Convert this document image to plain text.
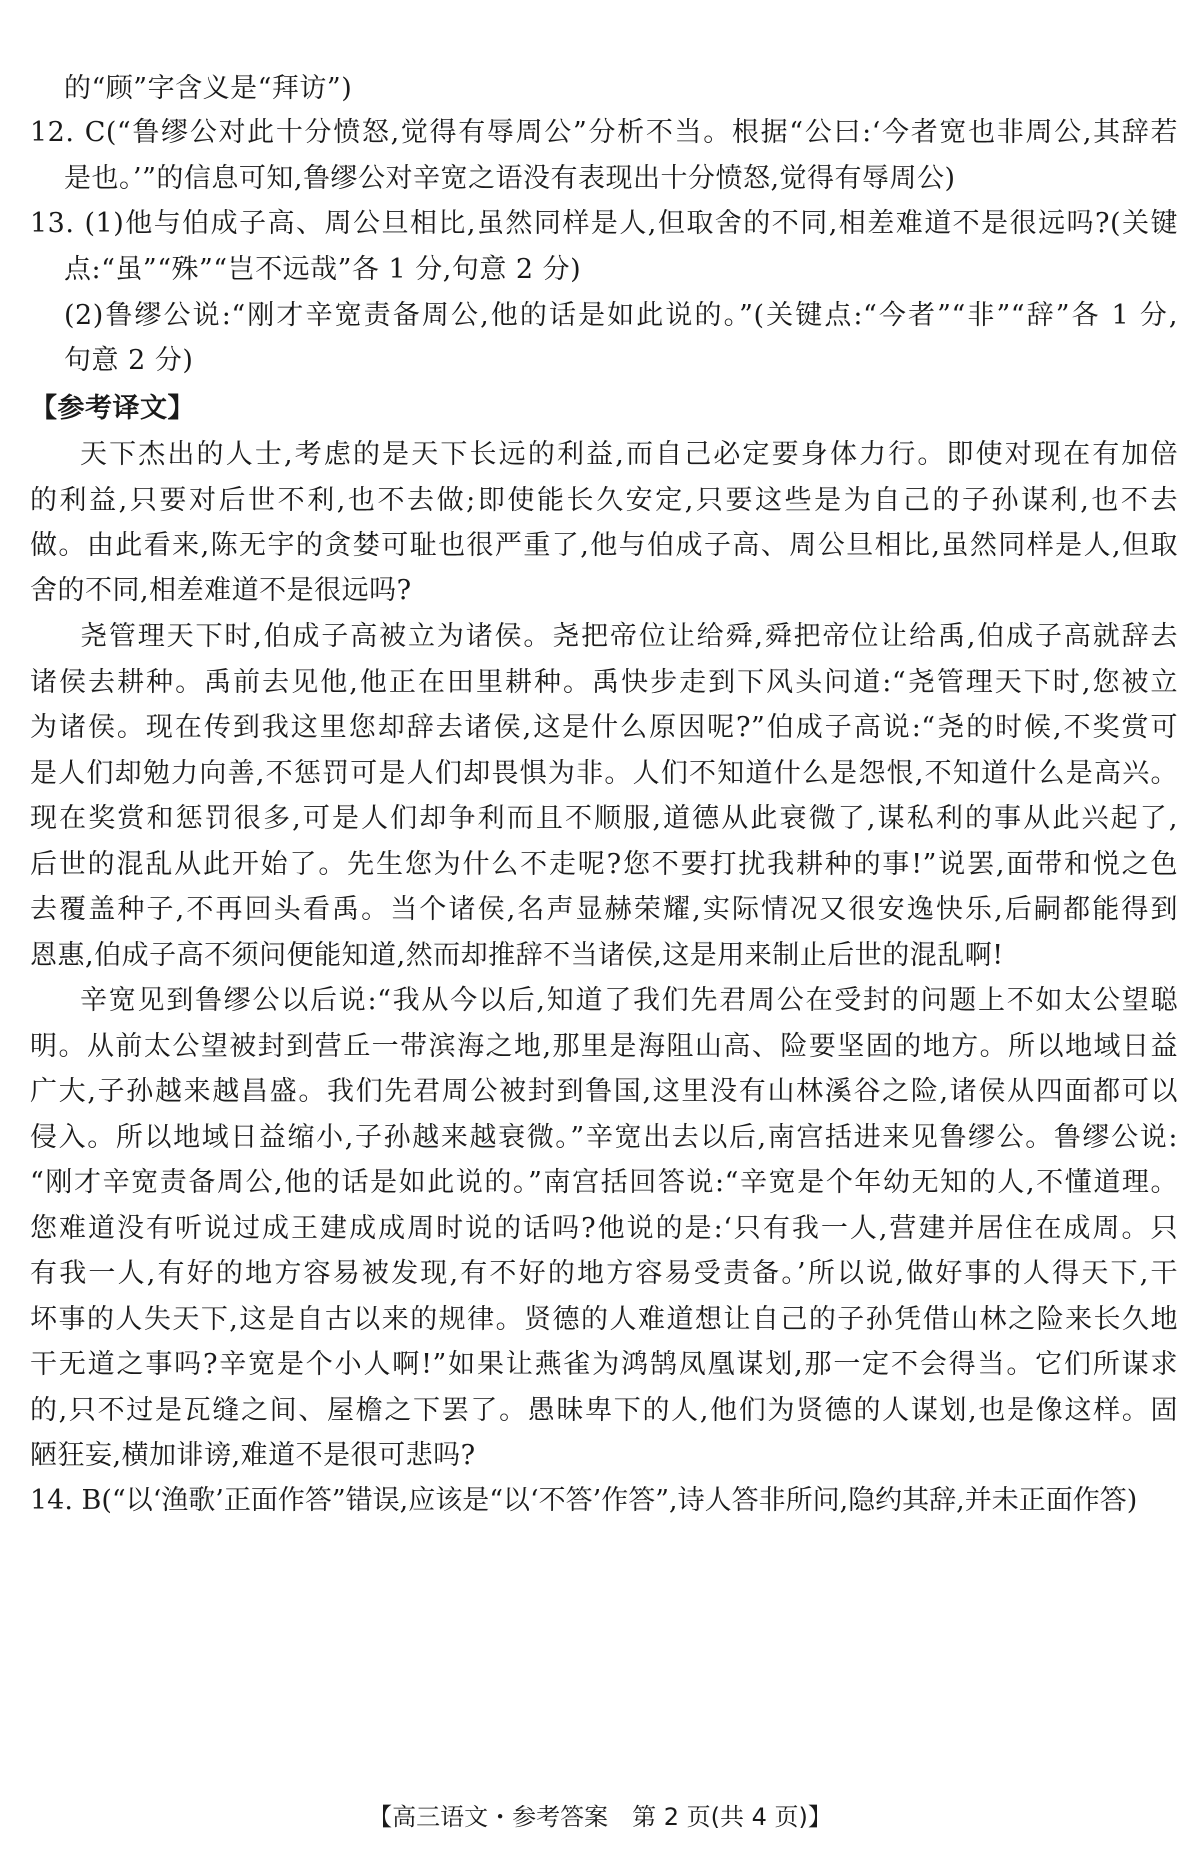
的“顾”字含义是“拜访”)
12. C(“鲁缪公对此十分愤怒,觉得有辱周公”分析不当。根据“公曰:‘今者宽也非周公,其辞若
是也。’”的信息可知,鲁缪公对辛宽之语没有表现出十分愤怒,觉得有辱周公)
13. (1)他与伯成子高、周公旦相比,虽然同样是人,但取舍的不同,相差难道不是很远吗?(关键
点:“虽”“殊”“岂不远哉”各 1 分,句意 2 分)
(2)鲁缪公说:“刚才辛宽责备周公,他的话是如此说的。”(关键点:“今者”“非”“辞”各 1 分,
句意 2 分)
【参考译文】
天下杰出的人士,考虑的是天下长远的利益,而自己必定要身体力行。即使对现在有加倍
的利益,只要对后世不利,也不去做;即使能长久安定,只要这些是为自己的子孙谋利,也不去
做。由此看来,陈无宇的贪婪可耻也很严重了,他与伯成子高、周公旦相比,虽然同样是人,但取
舍的不同,相差难道不是很远吗?
尧管理天下时,伯成子高被立为诸侯。尧把帝位让给舜,舜把帝位让给禹,伯成子高就辞去
诸侯去耕种。禹前去见他,他正在田里耕种。禹快步走到下风头问道:“尧管理天下时,您被立
为诸侯。现在传到我这里您却辞去诸侯,这是什么原因呢?”伯成子高说:“尧的时候,不奖赏可
是人们却勉力向善,不惩罚可是人们却畏惧为非。人们不知道什么是怨恨,不知道什么是高兴。
现在奖赏和惩罚很多,可是人们却争利而且不顺服,道德从此衰微了,谋私利的事从此兴起了,
后世的混乱从此开始了。先生您为什么不走呢?您不要打扰我耕种的事!”说罢,面带和悦之色
去覆盖种子,不再回头看禹。当个诸侯,名声显赫荣耀,实际情况又很安逸快乐,后嗣都能得到
恩惠,伯成子高不须问便能知道,然而却推辞不当诸侯,这是用来制止后世的混乱啊!
辛宽见到鲁缪公以后说:“我从今以后,知道了我们先君周公在受封的问题上不如太公望聪
明。从前太公望被封到营丘一带滨海之地,那里是海阻山高、险要坚固的地方。所以地域日益
广大,子孙越来越昌盛。我们先君周公被封到鲁国,这里没有山林溪谷之险,诸侯从四面都可以
侵入。所以地域日益缩小,子孙越来越衰微。”辛宽出去以后,南宫括进来见鲁缪公。鲁缪公说:
“刚才辛宽责备周公,他的话是如此说的。”南宫括回答说:“辛宽是个年幼无知的人,不懂道理。
您难道没有听说过成王建成成周时说的话吗?他说的是:‘只有我一人,营建并居住在成周。只
有我一人,有好的地方容易被发现,有不好的地方容易受责备。’所以说,做好事的人得天下,干
坏事的人失天下,这是自古以来的规律。贤德的人难道想让自己的子孙凭借山林之险来长久地
干无道之事吗?辛宽是个小人啊!”如果让燕雀为鸿鹄凤凰谋划,那一定不会得当。它们所谋求
的,只不过是瓦缝之间、屋檐之下罢了。愚昧卑下的人,他们为贤德的人谋划,也是像这样。固
陋狂妄,横加诽谤,难道不是很可悲吗?
14. B(“以‘渔歌’正面作答”错误,应该是“以‘不答’作答”,诗人答非所问,隐约其辞,并未正面作答)
【高三语文・参考答案　第 2 页(共 4 页)】
